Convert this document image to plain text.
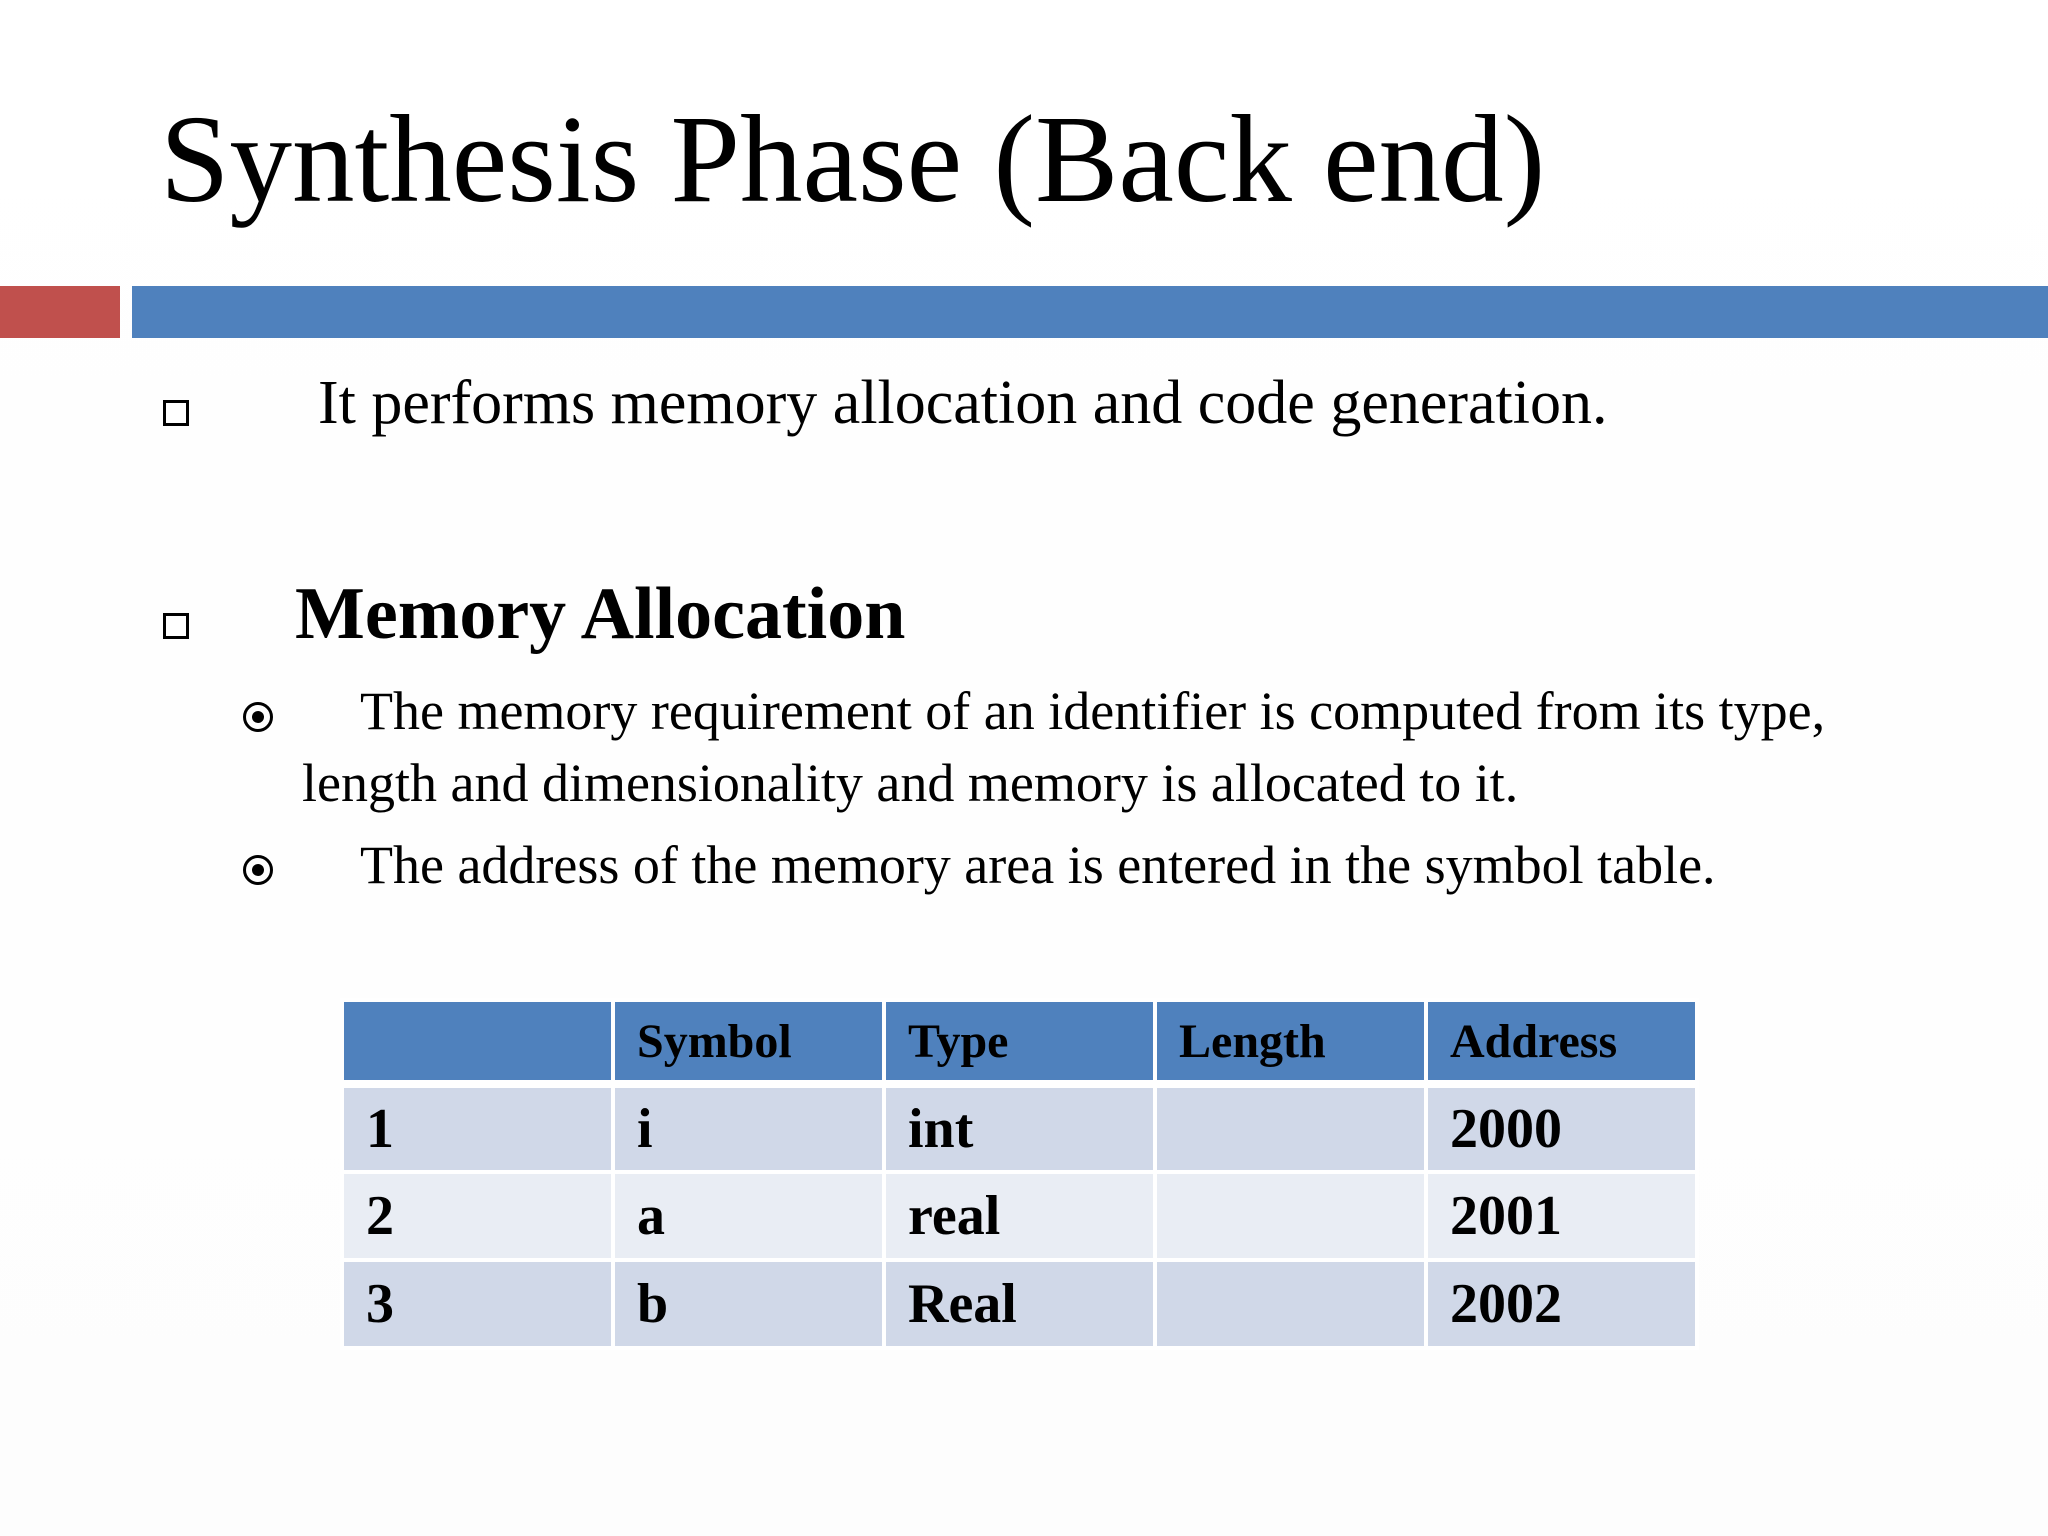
Synthesis Phase (Back end)
It performs memory allocation and code generation.
Memory Allocation
The memory requirement of an identifier is computed from its type,
length and dimensionality and memory is allocated to it.
The address of the memory area is entered in the symbol table.
	Symbol	Type	Length	Address
1	i	int		2000
2	a	real		2001
3	b	Real		2002
